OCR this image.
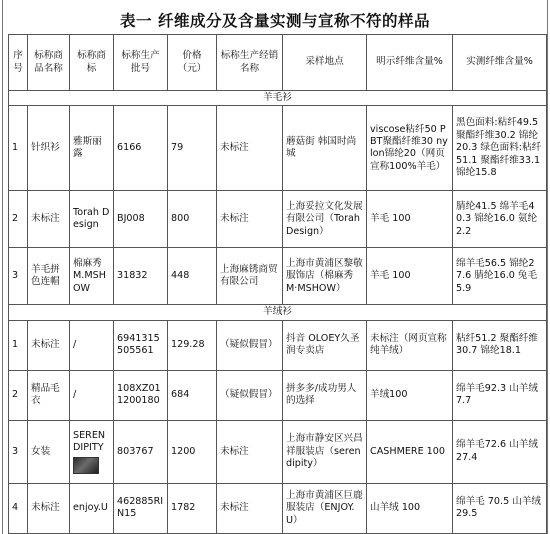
表一 纤维成分及含量实测与宣称不符的样品
序号	标称商品名称	标称商标	标称生产批号	价格（元）	标称生产经销名称	采样地点	明示纤维含量%	实测纤维含量%
羊毛衫								
1	针织衫	雅斯丽露	6166	79	未标注	蘑菇街 韩国时尚城	viscose粘纤50 PBT聚酯纤维30 nylon锦纶20（网页宣称100%羊毛）	黑色面料:粘纤49.5 聚酯纤维30.2 锦纶20.3 绿色面料:粘纤51.1 聚酯纤维33.1 锦纶15.8
2	未标注	Torah Design	BJ008	800	未标注	上海妥拉文化发展有限公司（Torah Design）	羊毛 100	腈纶41.5 绵羊毛40.3 锦纶16.0 氨纶2.2
3	羊毛拼色连帽	棉麻秀 M.MSHOW	31832	448	上海麻锈商贸有限公司	上海市黄浦区黎敬服饰店（棉麻秀 M·MSHOW）	羊毛 100	绵羊毛56.5 锦纶27.6 腈纶16.0 兔毛5.9
羊绒衫								
1	未标注	/	6941315505561	129.28	（疑似假冒）	抖音 OLOEY久圣润专卖店	未标注（网页宣称纯羊绒）	粘纤51.2 聚酯纤维30.7 锦纶18.1
2	精品毛衣	/	108XZ011200180	684	（疑似假冒）	拼多多/成功男人的选择	羊绒100	绵羊毛92.3 山羊绒7.7
3	女装	SERENDIPITY	803767	1200	未标注	上海市静安区兴昌祥服装店（serendipity）	CASHMERE 100	绵羊毛72.6 山羊绒27.4
4	未标注	enjoy.U	462885RIN15	1782	未标注	上海市黄浦区巨鹿服装店（ENJOY.U）	山羊绒 100	绵羊毛 70.5 山羊绒 29.5
